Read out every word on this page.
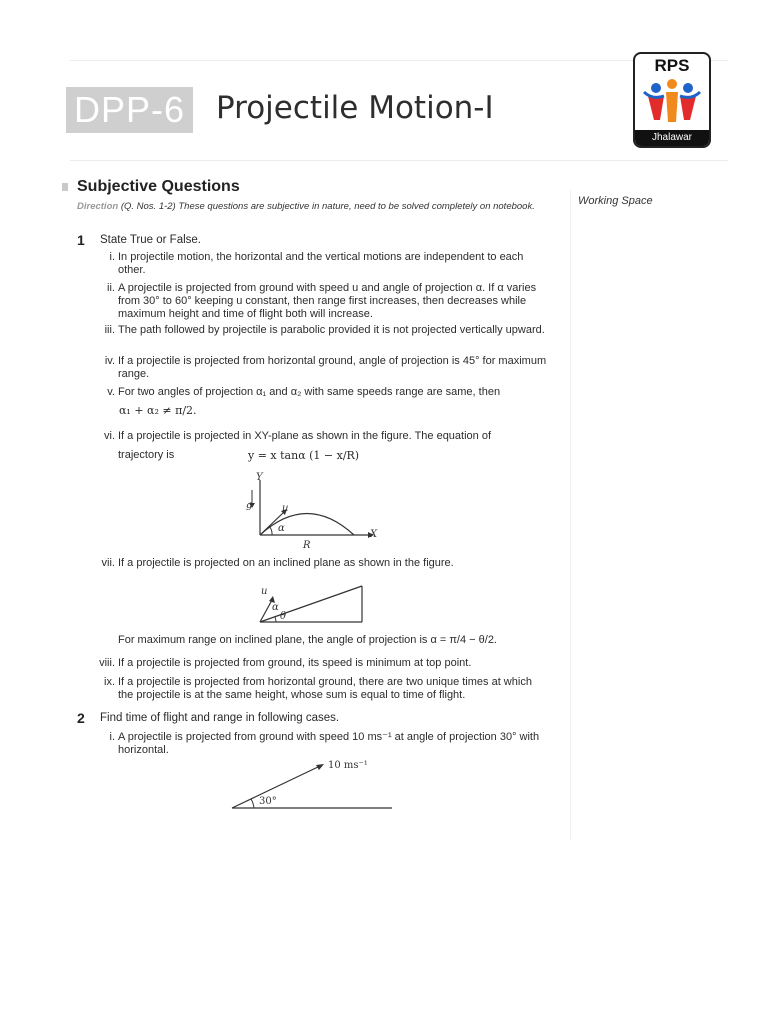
DPP-6 Projectile Motion-I
RPS
Jhalawar
Subjective Questions
Direction (Q. Nos. 1-2) These questions are subjective in nature, need to be solved completely on notebook.	Working Space
1 State True or False.
i. In projectile motion, the horizontal and the vertical motions are independent to each other.
ii. A projectile is projected from ground with speed u and angle of projection α. If α varies from 30° to 60° keeping u constant, then range first increases, then decreases while maximum height and time of flight both will increase.
iii. The path followed by projectile is parabolic provided it is not projected vertically upward.
iv. If a projectile is projected from horizontal ground, angle of projection is 45° for maximum range.
v. For two angles of projection α₁ and α₂ with same speeds range are same, then
α₁ + α₂ ≠ π/2.
vi. If a projectile is projected in XY-plane as shown in the figure. The equation of
trajectory is	y = x tanα (1 − x/R)
Y
g	u
α
X
R
vii. If a projectile is projected on an inclined plane as shown in the figure.
u
α
θ
For maximum range on inclined plane, the angle of projection is α = π/4 − θ/2.
viii. If a projectile is projected from ground, its speed is minimum at top point.
ix. If a projectile is projected from horizontal ground, there are two unique times at which the projectile is at the same height, whose sum is equal to time of flight.
2 Find time of flight and range in following cases.
i. A projectile is projected from ground with speed 10 ms⁻¹ at angle of projection 30° with horizontal.
10 ms⁻¹
30°
